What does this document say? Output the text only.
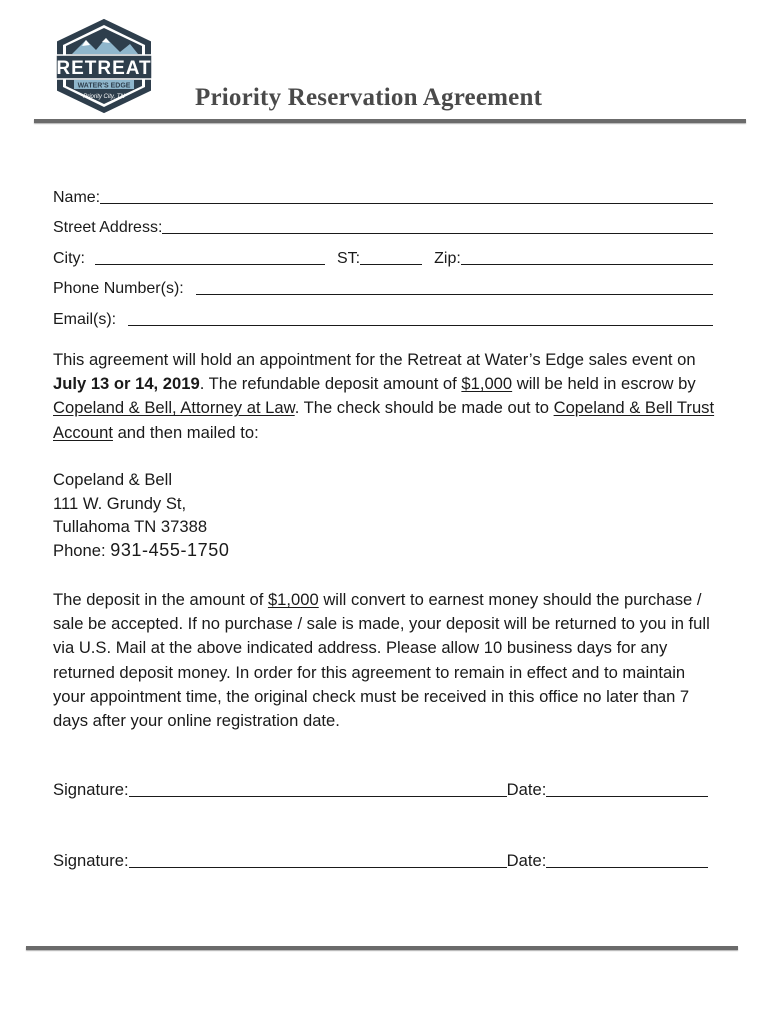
RETREAT
WATER'S EDGE
Priority City, TN	Priority Reservation Agreement
Name:
Street Address:
City:	ST:	Zip:
Phone Number(s):
Email(s):
This agreement will hold an appointment for the Retreat at Water’s Edge sales event on July 13 or 14, 2019. The refundable deposit amount of $1,000 will be held in escrow by Copeland & Bell, Attorney at Law. The check should be made out to Copeland & Bell Trust Account and then mailed to:
Copeland & Bell
111 W. Grundy St,
Tullahoma TN 37388
Phone: 931-455-1750
The deposit in the amount of $1,000 will convert to earnest money should the purchase / sale be accepted. If no purchase / sale is made, your deposit will be returned to you in full via U.S. Mail at the above indicated address. Please allow 10 business days for any returned deposit money. In order for this agreement to remain in effect and to maintain your appointment time, the original check must be received in this office no later than 7 days after your online registration date.
Signature:	Date:
Signature:	Date:
